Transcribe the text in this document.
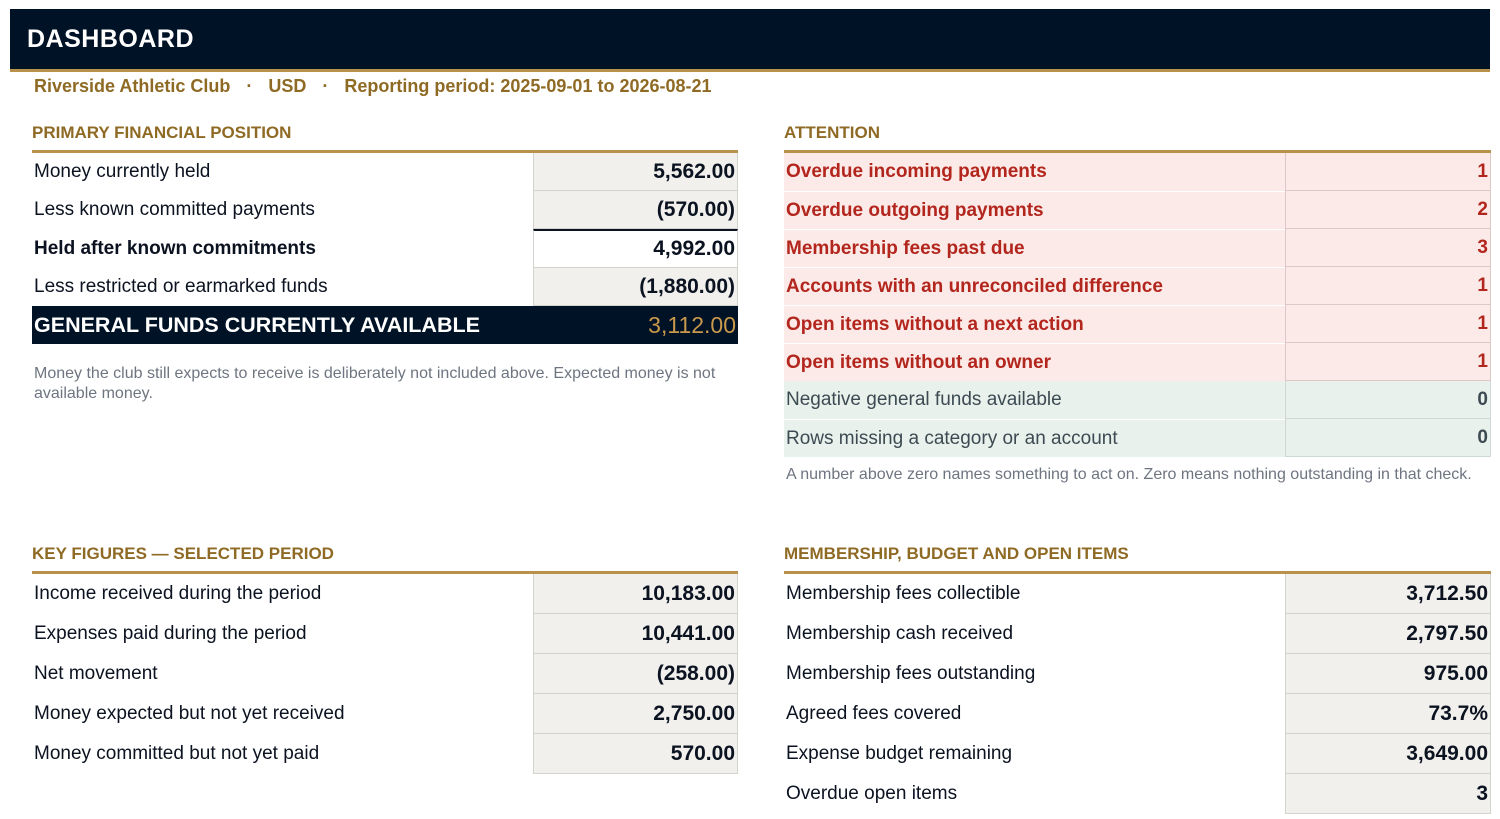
DASHBOARD
Riverside Athletic Club · USD · Reporting period: 2025-09-01 to 2026-08-21
PRIMARY FINANCIAL POSITION
Money currently held	5,562.00
Less known committed payments	(570.00)
Held after known commitments	4,992.00
Less restricted or earmarked funds	(1,880.00)
GENERAL FUNDS CURRENTLY AVAILABLE	3,112.00
Money the club still expects to receive is deliberately not included above. Expected money is not available money.
ATTENTION
Overdue incoming payments	1
Overdue outgoing payments	2
Membership fees past due	3
Accounts with an unreconciled difference	1
Open items without a next action	1
Open items without an owner	1
Negative general funds available	0
Rows missing a category or an account	0
A number above zero names something to act on. Zero means nothing outstanding in that check.
KEY FIGURES — SELECTED PERIOD
Income received during the period	10,183.00
Expenses paid during the period	10,441.00
Net movement	(258.00)
Money expected but not yet received	2,750.00
Money committed but not yet paid	570.00
MEMBERSHIP, BUDGET AND OPEN ITEMS
Membership fees collectible	3,712.50
Membership cash received	2,797.50
Membership fees outstanding	975.00
Agreed fees covered	73.7%
Expense budget remaining	3,649.00
Overdue open items	3
